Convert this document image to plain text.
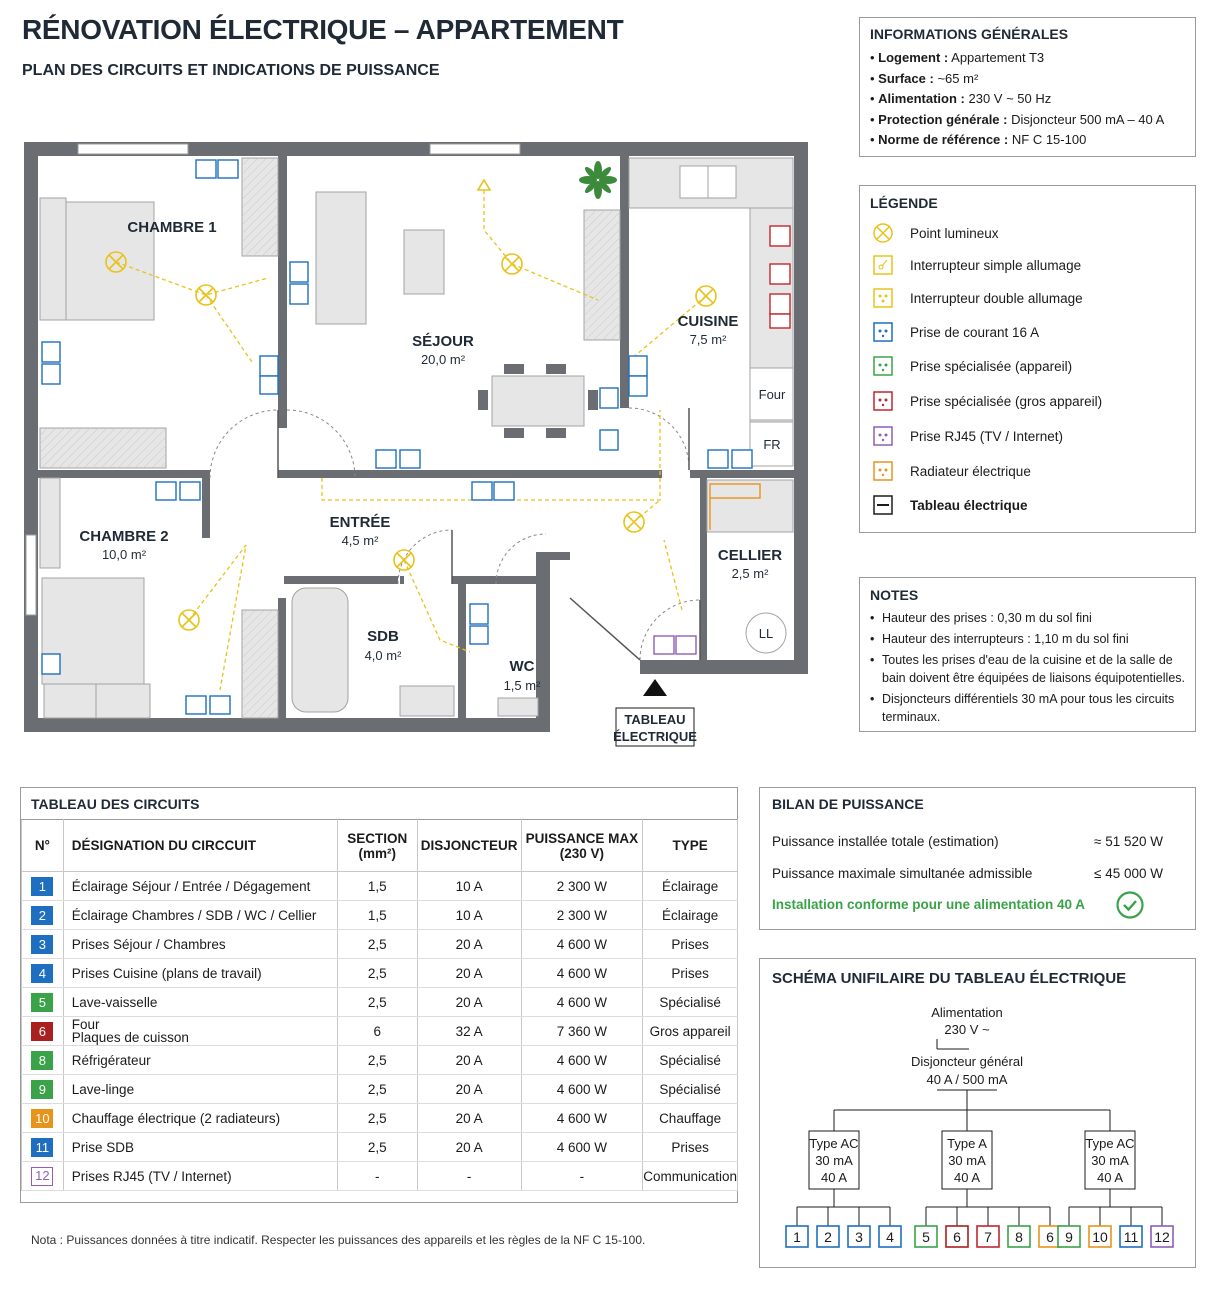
RÉNOVATION ÉLECTRIQUE – APPARTEMENT
PLAN DES CIRCUITS ET INDICATIONS DE PUISSANCE
CHAMBRE 1
SÉJOUR
20,0 m²
CUISINE
7,5 m²
CHAMBRE 2
10,0 m²
ENTRÉE
4,5 m²
CELLIER
2,5 m²
SDB
4,0 m²
WC
1,5 m²
Four
FR
LL
TABLEAU
ÉLECTRIQUE
INFORMATIONS GÉNÉRALES
• Logement : Appartement T3
• Surface : ~65 m²
• Alimentation : 230 V ~ 50 Hz
• Protection générale : Disjoncteur 500 mA – 40 A
• Norme de référence : NF C 15-100
LÉGENDE
Point lumineux
Interrupteur simple allumage
Interrupteur double allumage
Prise de courant 16 A
Prise spécialisée (appareil)
Prise spécialisée (gros appareil)
Prise RJ45 (TV / Internet)
Radiateur électrique
Tableau électrique
NOTES
• Hauteur des prises : 0,30 m du sol fini
• Hauteur des interrupteurs : 1,10 m du sol fini
• Toutes les prises d'eau de la cuisine et de la salle de bain doivent être équipées de liaisons équipotentielles.
• Disjoncteurs différentiels 30 mA pour tous les circuits terminaux.
TABLEAU DES CIRCUITS
N°	DÉSIGNATION DU CIRCCUIT	SECTION
(mm²)	DISJONCTEUR	PUISSANCE MAX
(230 V)	TYPE
1	Éclairage Séjour / Entrée / Dégagement	1,5	10 A	2 300 W	Éclairage
2	Éclairage Chambres / SDB / WC / Cellier	1,5	10 A	2 300 W	Éclairage
3	Prises Séjour / Chambres	2,5	20 A	4 600 W	Prises
4	Prises Cuisine (plans de travail)	2,5	20 A	4 600 W	Prises
5	Lave-vaisselle	2,5	20 A	4 600 W	Spécialisé
6	Four
Plaques de cuisson	6	32 A	7 360 W	Gros appareil
8	Réfrigérateur	2,5	20 A	4 600 W	Spécialisé
9	Lave-linge	2,5	20 A	4 600 W	Spécialisé
10	Chauffage électrique (2 radiateurs)	2,5	20 A	4 600 W	Chauffage
11	Prise SDB	2,5	20 A	4 600 W	Prises
12	Prises RJ45 (TV / Internet)	-	-	-	Communication
Nota : Puissances données à titre indicatif. Respecter les puissances des appareils et les règles de la NF C 15-100.
BILAN DE PUISSANCE
Puissance installée totale (estimation)	≈ 51 520 W
Puissance maximale simultanée admissible	≤ 45 000 W
Installation conforme pour une alimentation 40 A
SCHÉMA UNIFILAIRE DU TABLEAU ÉLECTRIQUE
Alimentation
230 V ~
Disjoncteur général
40 A / 500 mA
Type AC
30 mA
40 A
Type A
30 mA
40 A
Type AC
30 mA
40 A
1 2 3 4 5 6 7 8 6 9 10 11 12
